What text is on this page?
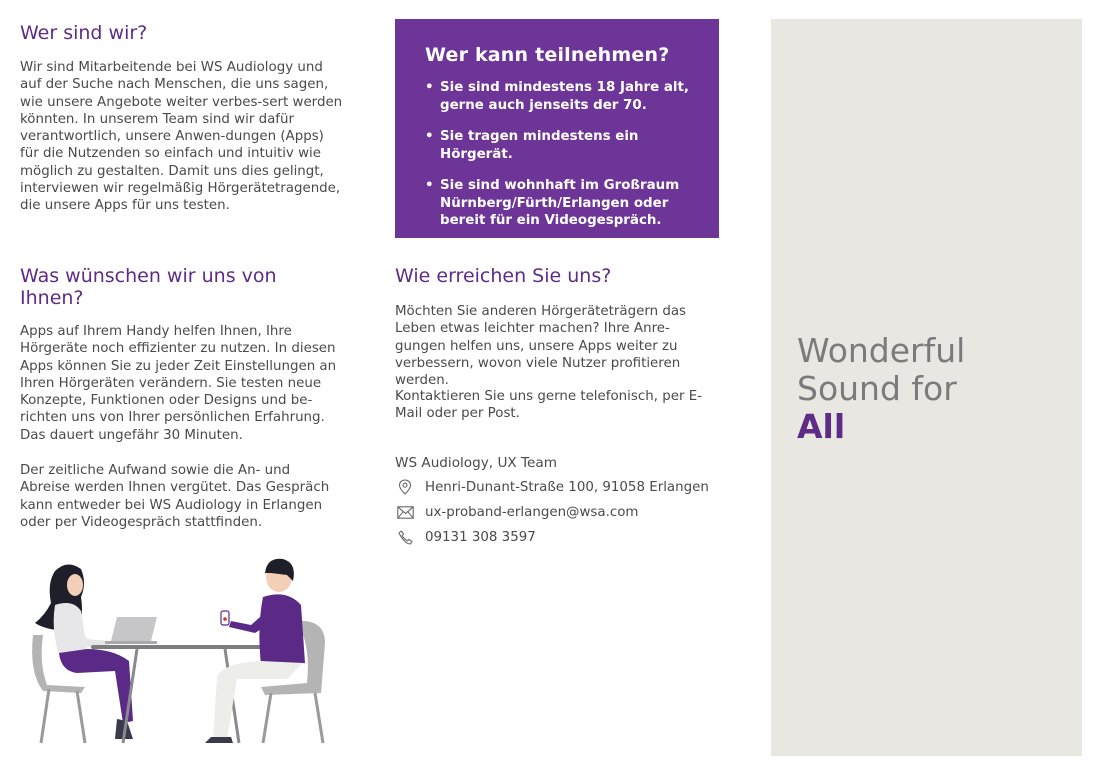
Wer sind wir?

Wir sind Mitarbeitende bei WS Audiology und auf der Suche nach Menschen, die uns sagen, wie unsere Angebote weiter verbes-sert werden könnten. In unserem Team sind wir dafür verantwortlich, unsere Anwen-dungen (Apps) für die Nutzenden so einfach und intuitiv wie möglich zu gestalten. Damit uns dies gelingt, interviewen wir regelmäßig Hörgerätetragende, die unsere Apps für uns testen.

Was wünschen wir uns von Ihnen?

Apps auf Ihrem Handy helfen Ihnen, Ihre Hörgeräte noch effizienter zu nutzen. In diesen Apps können Sie zu jeder Zeit Einstellungen an Ihren Hörgeräten verändern. Sie testen neue Konzepte, Funktionen oder Designs und be-richten uns von Ihrer persönlichen Erfahrung. Das dauert ungefähr 30 Minuten.

Der zeitliche Aufwand sowie die An- und Abreise werden Ihnen vergütet. Das Gespräch kann entweder bei WS Audiology in Erlangen oder per Videogespräch stattfinden.

Wer kann teilnehmen?
• Sie sind mindestens 18 Jahre alt, gerne auch jenseits der 70.
• Sie tragen mindestens ein Hörgerät.
• Sie sind wohnhaft im Großraum Nürnberg/Fürth/Erlangen oder bereit für ein Videogespräch.
Wie erreichen Sie uns?

Möchten Sie anderen Hörgeräteträgern das Leben etwas leichter machen? Ihre Anre-gungen helfen uns, unsere Apps weiter zu verbessern, wovon viele Nutzer profitieren werden.

Kontaktieren Sie uns gerne telefonisch, per E-Mail oder per Post.

WS Audiology, UX Team
Henri-Dunant-Straße 100, 91058 Erlangen
ux-proband-erlangen@wsa.com
09131 308 3597
Wonderful
Sound for
All
